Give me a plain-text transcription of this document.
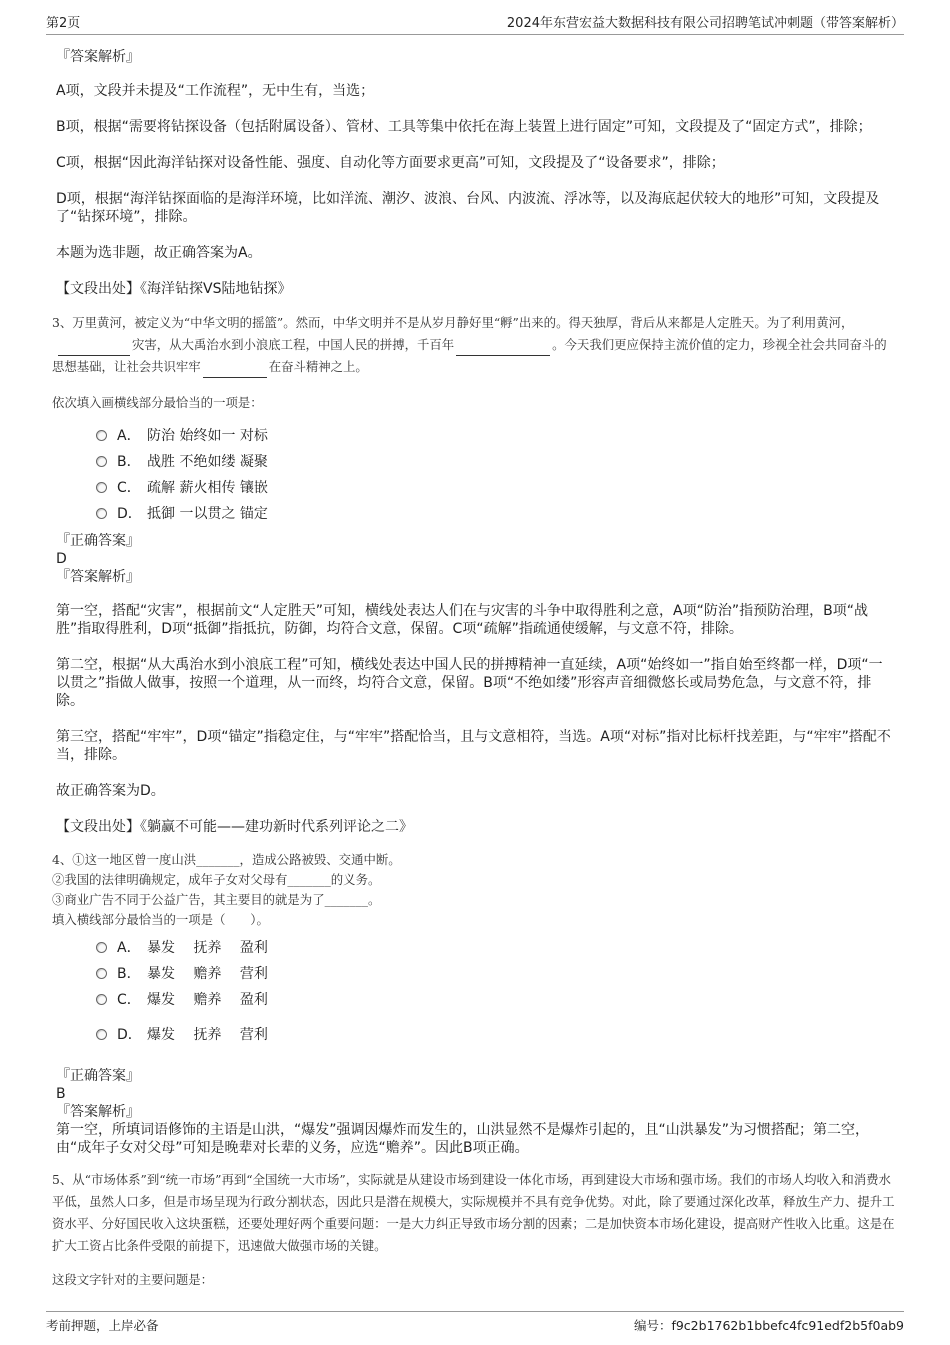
第2页	2024年东营宏益大数据科技有限公司招聘笔试冲刺题（带答案解析）

『答案解析』

A项，文段并未提及“工作流程”，无中生有，当选；

B项，根据“需要将钻探设备（包括附属设备）、管材、工具等集中依托在海上装置上进行固定”可知，文段提及了“固定方式”，排除；

C项，根据“因此海洋钻探对设备性能、强度、自动化等方面要求更高”可知，文段提及了“设备要求”，排除；

D项，根据“海洋钻探面临的是海洋环境，比如洋流、潮汐、波浪、台风、内波流、浮冰等，以及海底起伏较大的地形”可知，文段提及了“钻探环境”，排除。

本题为选非题，故正确答案为A。

【文段出处】《海洋钻探VS陆地钻探》

3、万里黄河，被定义为“中华文明的摇篮”。然而，中华文明并不是从岁月静好里“孵”出来的。得天独厚，背后从来都是人定胜天。为了利用黄河，灾害，从大禹治水到小浪底工程，中国人民的拼搏，千百年	。今天我们更应保持主流价值的定力，珍视全社会共同奋斗的思想基础，让社会共识牢牢	在奋斗精神之上。

依次填入画横线部分最恰当的一项是：

A． 防治 始终如一 对标
B． 战胜 不绝如缕 凝聚
C． 疏解 薪火相传 镶嵌
D． 抵御 一以贯之 锚定

『正确答案』

D

『答案解析』

第一空，搭配“灾害”，根据前文“人定胜天”可知，横线处表达人们在与灾害的斗争中取得胜利之意，A项“防治”指预防治理，B项“战胜”指取得胜利，D项“抵御”指抵抗，防御，均符合文意，保留。C项“疏解”指疏通使缓解，与文意不符，排除。

第二空，根据“从大禹治水到小浪底工程”可知，横线处表达中国人民的拼搏精神一直延续，A项“始终如一”指自始至终都一样，D项“一以贯之”指做人做事，按照一个道理，从一而终，均符合文意，保留。B项“不绝如缕”形容声音细微悠长或局势危急，与文意不符，排除。

第三空，搭配“牢牢”，D项“锚定”指稳定住，与“牢牢”搭配恰当，且与文意相符，当选。A项“对标”指对比标杆找差距，与“牢牢”搭配不当，排除。

故正确答案为D。

【文段出处】《躺赢不可能——建功新时代系列评论之二》

4、①这一地区曾一度山洪_______，造成公路被毁、交通中断。

②我国的法律明确规定，成年子女对父母有_______的义务。

③商业广告不同于公益广告，其主要目的就是为了_______。

填入横线部分最恰当的一项是（　　）。

A． 暴发　 抚养　 盈利
B． 暴发　 赡养　 营利
C． 爆发　 赡养　 盈利
D． 爆发　 抚养　 营利

『正确答案』

B

『答案解析』

第一空，所填词语修饰的主语是山洪，“爆发”强调因爆炸而发生的，山洪显然不是爆炸引起的，且“山洪暴发”为习惯搭配；第二空，由“成年子女对父母”可知是晚辈对长辈的义务，应选“赡养”。因此B项正确。

5、从“市场体系”到“统一市场”再到“全国统一大市场”，实际就是从建设市场到建设一体化市场，再到建设大市场和强市场。我们的市场人均收入和消费水平低，虽然人口多，但是市场呈现为行政分割状态，因此只是潜在规模大，实际规模并不具有竞争优势。对此，除了要通过深化改革，释放生产力、提升工资水平、分好国民收入这块蛋糕，还要处理好两个重要问题：一是大力纠正导致市场分割的因素；二是加快资本市场化建设，提高财产性收入比重。这是在扩大工资占比条件受限的前提下，迅速做大做强市场的关键。

这段文字针对的主要问题是：

考前押题，上岸必备	编号：f9c2b1762b1bbefc4fc91edf2b5f0ab9
